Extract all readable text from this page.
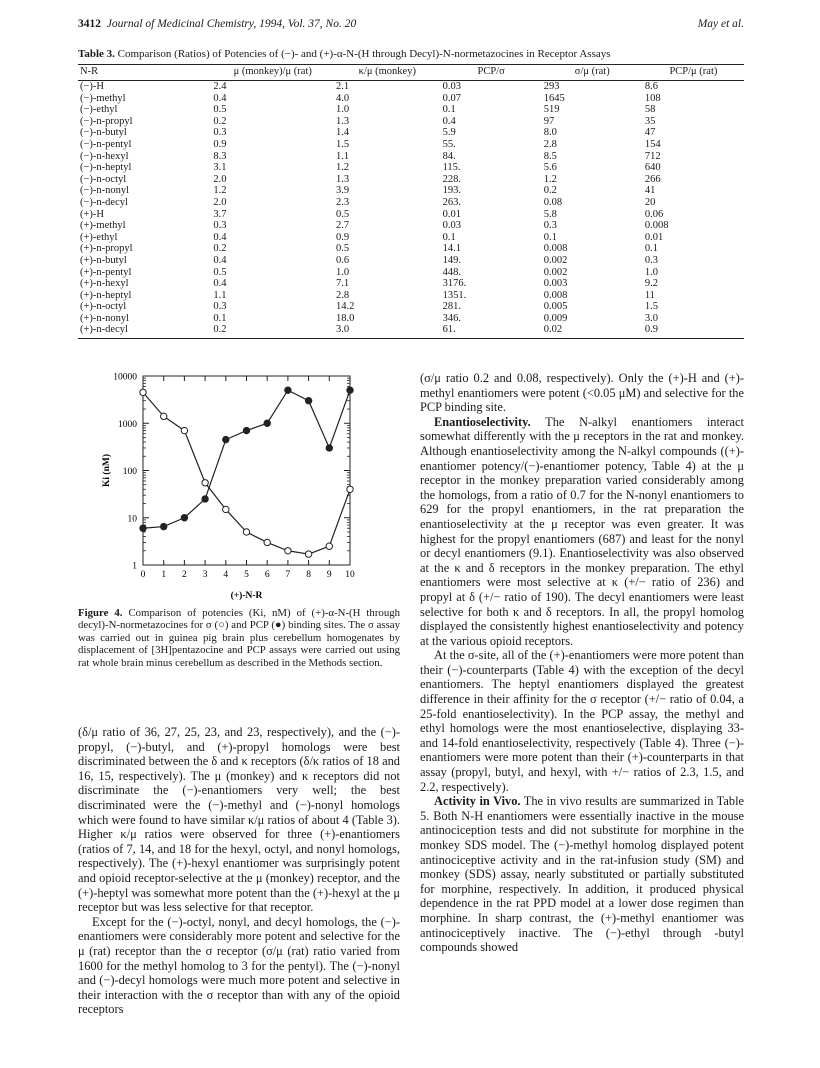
3412 Journal of Medicinal Chemistry, 1994, Vol. 37, No. 20	May et al.
Table 3. Comparison (Ratios) of Potencies of (−)- and (+)-α-N-(H through Decyl)-N-normetazocines in Receptor Assays
N-R	μ (monkey)/μ (rat)	κ/μ (monkey)	PCP/σ	σ/μ (rat)	PCP/μ (rat)
(−)-H	2.4	2.1	0.03	293	8.6
(−)-methyl	0.4	4.0	0.07	1645	108
(−)-ethyl	0.5	1.0	0.1	519	58
(−)-n-propyl	0.2	1.3	0.4	97	35
(−)-n-butyl	0.3	1.4	5.9	8.0	47
(−)-n-pentyl	0.9	1.5	55.	2.8	154
(−)-n-hexyl	8.3	1.1	84.	8.5	712
(−)-n-heptyl	3.1	1.2	115.	5.6	640
(−)-n-octyl	2.0	1.3	228.	1.2	266
(−)-n-nonyl	1.2	3.9	193.	0.2	41
(−)-n-decyl	2.0	2.3	263.	0.08	20
(+)-H	3.7	0.5	0.01	5.8	0.06
(+)-methyl	0.3	2.7	0.03	0.3	0.008
(+)-ethyl	0.4	0.9	0.1	0.1	0.01
(+)-n-propyl	0.2	0.5	14.1	0.008	0.1
(+)-n-butyl	0.4	0.6	149.	0.002	0.3
(+)-n-pentyl	0.5	1.0	448.	0.002	1.0
(+)-n-hexyl	0.4	7.1	3176.	0.003	9.2
(+)-n-heptyl	1.1	2.8	1351.	0.008	11
(+)-n-octyl	0.3	14.2	281.	0.005	1.5
(+)-n-nonyl	0.1	18.0	346.	0.009	3.0
(+)-n-decyl	0.2	3.0	61.	0.02	0.9
1
10
100
1000
10000
0 1 2 3 4 5 6 7 8 9 10
(+)-N-R
Ki (nM)
Figure 4. Comparison of potencies (Ki, nM) of (+)-α-N-(H through decyl)-N-normetazocines for σ (○) and PCP (●) binding sites. The σ assay was carried out in guinea pig brain plus cerebellum homogenates by displacement of [3H]pentazocine and PCP assays were carried out using rat whole brain minus cerebellum as described in the Methods section.

(δ/μ ratio of 36, 27, 25, 23, and 23, respectively), and the (−)-propyl, (−)-butyl, and (+)-propyl homologs were best discriminated between the δ and κ receptors (δ/κ ratios of 18 and 16, 15, respectively). The μ (monkey) and κ receptors did not discriminate the (−)-enantiomers very well; the best discriminated were the (−)-methyl and (−)-nonyl homologs which were found to have similar κ/μ ratios of about 4 (Table 3). Higher κ/μ ratios were observed for three (+)-enantiomers (ratios of 7, 14, and 18 for the hexyl, octyl, and nonyl homologs, respectively). The (+)-hexyl enantiomer was surprisingly potent and opioid receptor-selective at the μ (monkey) receptor, and the (+)-heptyl was somewhat more potent than the (+)-hexyl at the μ receptor but was less selective for that receptor.

Except for the (−)-octyl, nonyl, and decyl homologs, the (−)-enantiomers were considerably more potent and selective for the μ (rat) receptor than the σ receptor (σ/μ (rat) ratio varied from 1600 for the methyl homolog to 3 for the pentyl). The (−)-nonyl and (−)-decyl homologs were much more potent and selective in their interaction with the σ receptor than with any of the opioid receptors

(σ/μ ratio 0.2 and 0.08, respectively). Only the (+)-H and (+)-methyl enantiomers were potent (<0.05 μM) and selective for the PCP binding site.

Enantioselectivity. The N-alkyl enantiomers interact somewhat differently with the μ receptors in the rat and monkey. Although enantioselectivity among the N-alkyl compounds ((+)-enantiomer potency/(−)-enantiomer potency, Table 4) at the μ receptor in the monkey preparation varied considerably among the homologs, from a ratio of 0.7 for the N-nonyl enantiomers to 629 for the propyl enantiomers, in the rat preparation the enantioselectivity at the μ receptor was even greater. It was highest for the propyl enantiomers (687) and least for the nonyl or decyl enantiomers (9.1). Enantioselectivity was also observed at the κ and δ receptors in the monkey preparation. The ethyl enantiomers were most selective at κ (+/− ratio of 236) and propyl at δ (+/− ratio of 190). The decyl enantiomers were least selective for both κ and δ receptors. In all, the propyl homolog displayed the consistently highest enantioselectivity and potency at the various opioid receptors.

At the σ-site, all of the (+)-enantiomers were more potent than their (−)-counterparts (Table 4) with the exception of the decyl enantiomers. The heptyl enantiomers displayed the greatest difference in their affinity for the σ receptor (+/− ratio of 0.04, a 25-fold enantioselectivity). In the PCP assay, the methyl and ethyl homologs were the most enantioselective, displaying 33- and 14-fold enantioselectivity, respectively (Table 4). Three (−)-enantiomers were more potent than their (+)-counterparts in that assay (propyl, butyl, and hexyl, with +/− ratios of 2.3, 1.5, and 2.2, respectively).

Activity in Vivo. The in vivo results are summarized in Table 5. Both N-H enantiomers were essentially inactive in the mouse antinociception tests and did not substitute for morphine in the monkey SDS model. The (−)-methyl homolog displayed potent antinociceptive activity and in the rat-infusion study (SM) and monkey (SDS) assay, nearly substituted or partially substituted for morphine, respectively. In addition, it produced physical dependence in the rat PPD model at a lower dose regimen than morphine. In sharp contrast, the (+)-methyl enantiomer was antinociceptively inactive. The (−)-ethyl through -butyl compounds showed
